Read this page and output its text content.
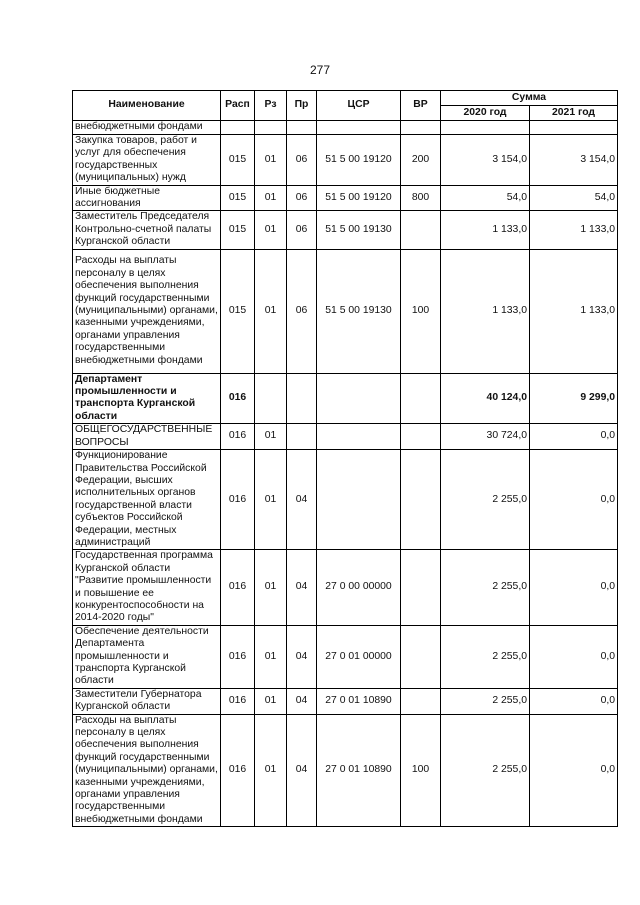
277
Наименование	Расп	Рз	Пр	ЦСР	ВР	Сумма	
						2020 год	2021 год
внебюджетными фондами							
Закупка товаров, работ и услуг для обеспечения государственных (муниципальных) нужд	015	01	06	51 5 00 19120	200	3 154,0	3 154,0
Иные бюджетные ассигнования	015	01	06	51 5 00 19120	800	54,0	54,0
Заместитель Председателя Контрольно-счетной палаты Курганской области	015	01	06	51 5 00 19130		1 133,0	1 133,0
Расходы на выплаты персоналу в целях обеспечения выполнения функций государственными (муниципальными) органами, казенными учреждениями, органами управления государственными внебюджетными фондами	015	01	06	51 5 00 19130	100	1 133,0	1 133,0
Департамент промышленности и транспорта Курганской области	016					40 124,0	9 299,0
ОБЩЕГОСУДАРСТВЕННЫЕ ВОПРОСЫ	016	01				30 724,0	0,0
Функционирование Правительства Российской Федерации, высших исполнительных органов государственной власти субъектов Российской Федерации, местных администраций	016	01	04			2 255,0	0,0
Государственная программа Курганской области "Развитие промышленности и повышение ее конкурентоспособности на 2014-2020 годы"	016	01	04	27 0 00 00000		2 255,0	0,0
Обеспечение деятельности Департамента промышленности и транспорта Курганской области	016	01	04	27 0 01 00000		2 255,0	0,0
Заместители Губернатора Курганской области	016	01	04	27 0 01 10890		2 255,0	0,0
Расходы на выплаты персоналу в целях обеспечения выполнения функций государственными (муниципальными) органами, казенными учреждениями, органами управления государственными внебюджетными фондами	016	01	04	27 0 01 10890	100	2 255,0	0,0
